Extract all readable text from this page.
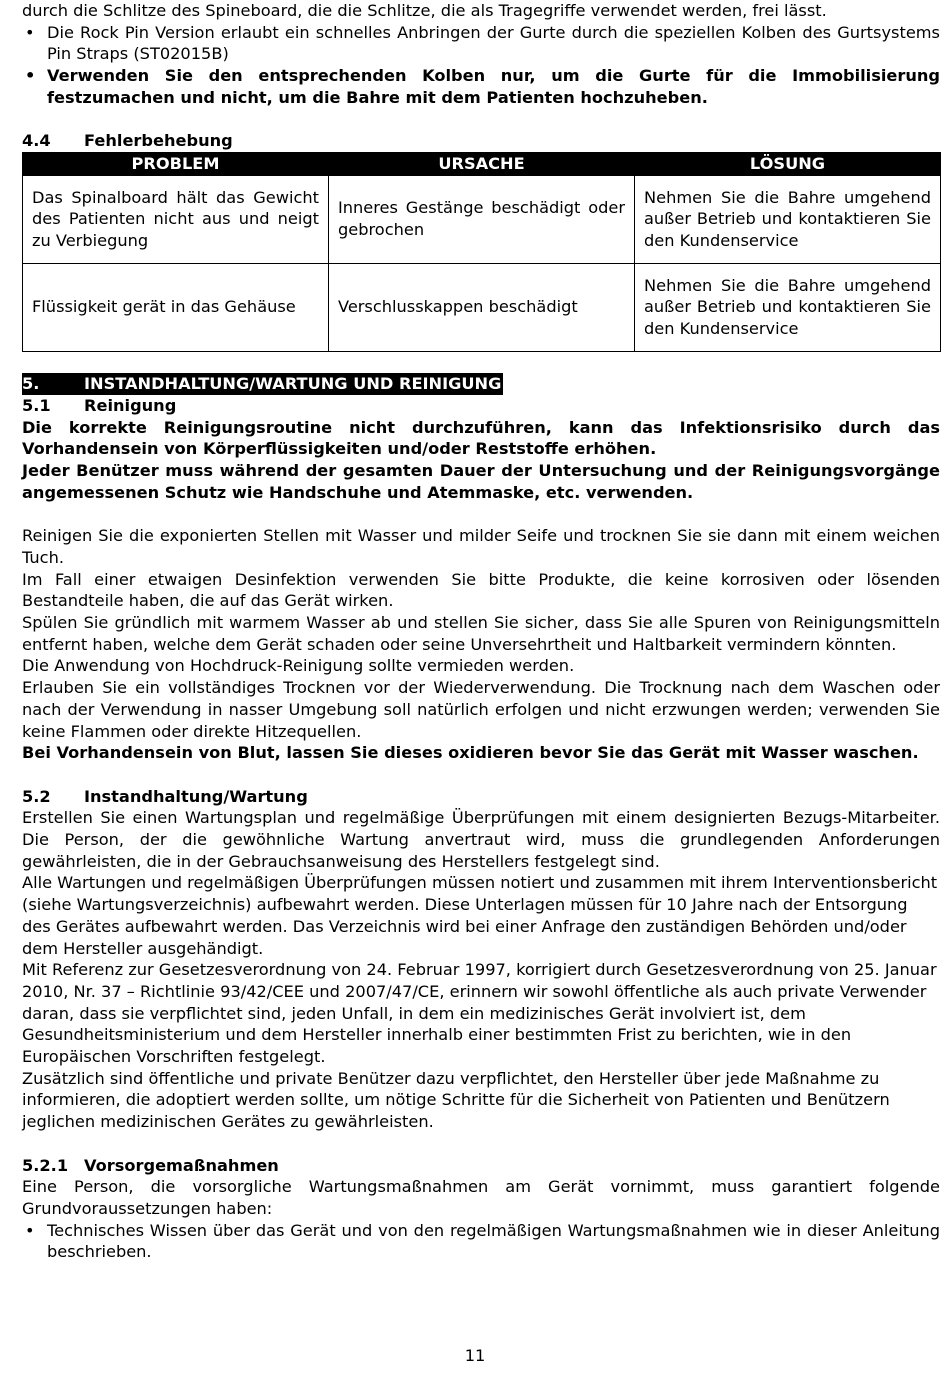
durch die Schlitze des Spineboard, die die Schlitze, die als Tragegriffe verwendet werden, frei lässt.

• Die Rock Pin Version erlaubt ein schnelles Anbringen der Gurte durch die speziellen Kolben des Gurtsystems Pin Straps (ST02015B)
• Verwenden Sie den entsprechenden Kolben nur, um die Gurte für die Immobilisierung festzumachen und nicht, um die Bahre mit dem Patienten hochzuheben.

4.4 Fehlerbehebung

PROBLEM	URSACHE	LÖSUNG
Das Spinalboard hält das Gewicht des Patienten nicht aus und neigt zu Verbiegung	Inneres Gestänge beschädigt oder gebrochen	Nehmen Sie die Bahre umgehend außer Betrieb und kontaktieren Sie den Kundenservice
Flüssigkeit gerät in das Gehäuse	Verschlusskappen beschädigt	Nehmen Sie die Bahre umgehend außer Betrieb und kontaktieren Sie den Kundenservice

5.	INSTANDHALTUNG/WARTUNG UND REINIGUNG

5.1 Reinigung

Die korrekte Reinigungsroutine nicht durchzuführen, kann das Infektionsrisiko durch das Vorhandensein von Körperflüssigkeiten und/oder Reststoffe erhöhen.

Jeder Benützer muss während der gesamten Dauer der Untersuchung und der Reinigungsvorgänge angemessenen Schutz wie Handschuhe und Atemmaske, etc. verwenden.

Reinigen Sie die exponierten Stellen mit Wasser und milder Seife und trocknen Sie sie dann mit einem weichen Tuch.

Im Fall einer etwaigen Desinfektion verwenden Sie bitte Produkte, die keine korrosiven oder lösenden Bestandteile haben, die auf das Gerät wirken.

Spülen Sie gründlich mit warmem Wasser ab und stellen Sie sicher, dass Sie alle Spuren von Reinigungsmitteln entfernt haben, welche dem Gerät schaden oder seine Unversehrtheit und Haltbarkeit vermindern könnten.

Die Anwendung von Hochdruck-Reinigung sollte vermieden werden.

Erlauben Sie ein vollständiges Trocknen vor der Wiederverwendung. Die Trocknung nach dem Waschen oder nach der Verwendung in nasser Umgebung soll natürlich erfolgen und nicht erzwungen werden; verwenden Sie keine Flammen oder direkte Hitzequellen.

Bei Vorhandensein von Blut, lassen Sie dieses oxidieren bevor Sie das Gerät mit Wasser waschen.

5.2 Instandhaltung/Wartung

Erstellen Sie einen Wartungsplan und regelmäßige Überprüfungen mit einem designierten Bezugs-Mitarbeiter. Die Person, der die gewöhnliche Wartung anvertraut wird, muss die grundlegenden Anforderungen gewährleisten, die in der Gebrauchsanweisung des Herstellers festgelegt sind.

Alle Wartungen und regelmäßigen Überprüfungen müssen notiert und zusammen mit ihrem Interventionsbericht (siehe Wartungsverzeichnis) aufbewahrt werden. Diese Unterlagen müssen für 10 Jahre nach der Entsorgung des Gerätes aufbewahrt werden. Das Verzeichnis wird bei einer Anfrage den zuständigen Behörden und/oder dem Hersteller ausgehändigt.

Mit Referenz zur Gesetzesverordnung von 24. Februar 1997, korrigiert durch Gesetzesverordnung von 25. Januar 2010, Nr. 37 – Richtlinie 93/42/CEE und 2007/47/CE, erinnern wir sowohl öffentliche als auch private Verwender daran, dass sie verpflichtet sind, jeden Unfall, in dem ein medizinisches Gerät involviert ist, dem Gesundheitsministerium und dem Hersteller innerhalb einer bestimmten Frist zu berichten, wie in den Europäischen Vorschriften festgelegt.

Zusätzlich sind öffentliche und private Benützer dazu verpflichtet, den Hersteller über jede Maßnahme zu informieren, die adoptiert werden sollte, um nötige Schritte für die Sicherheit von Patienten und Benützern jeglichen medizinischen Gerätes zu gewährleisten.

5.2.1 Vorsorgemaßnahmen

Eine Person, die vorsorgliche Wartungsmaßnahmen am Gerät vornimmt, muss garantiert folgende Grundvoraussetzungen haben:

• Technisches Wissen über das Gerät und von den regelmäßigen Wartungsmaßnahmen wie in dieser Anleitung beschrieben.
11
